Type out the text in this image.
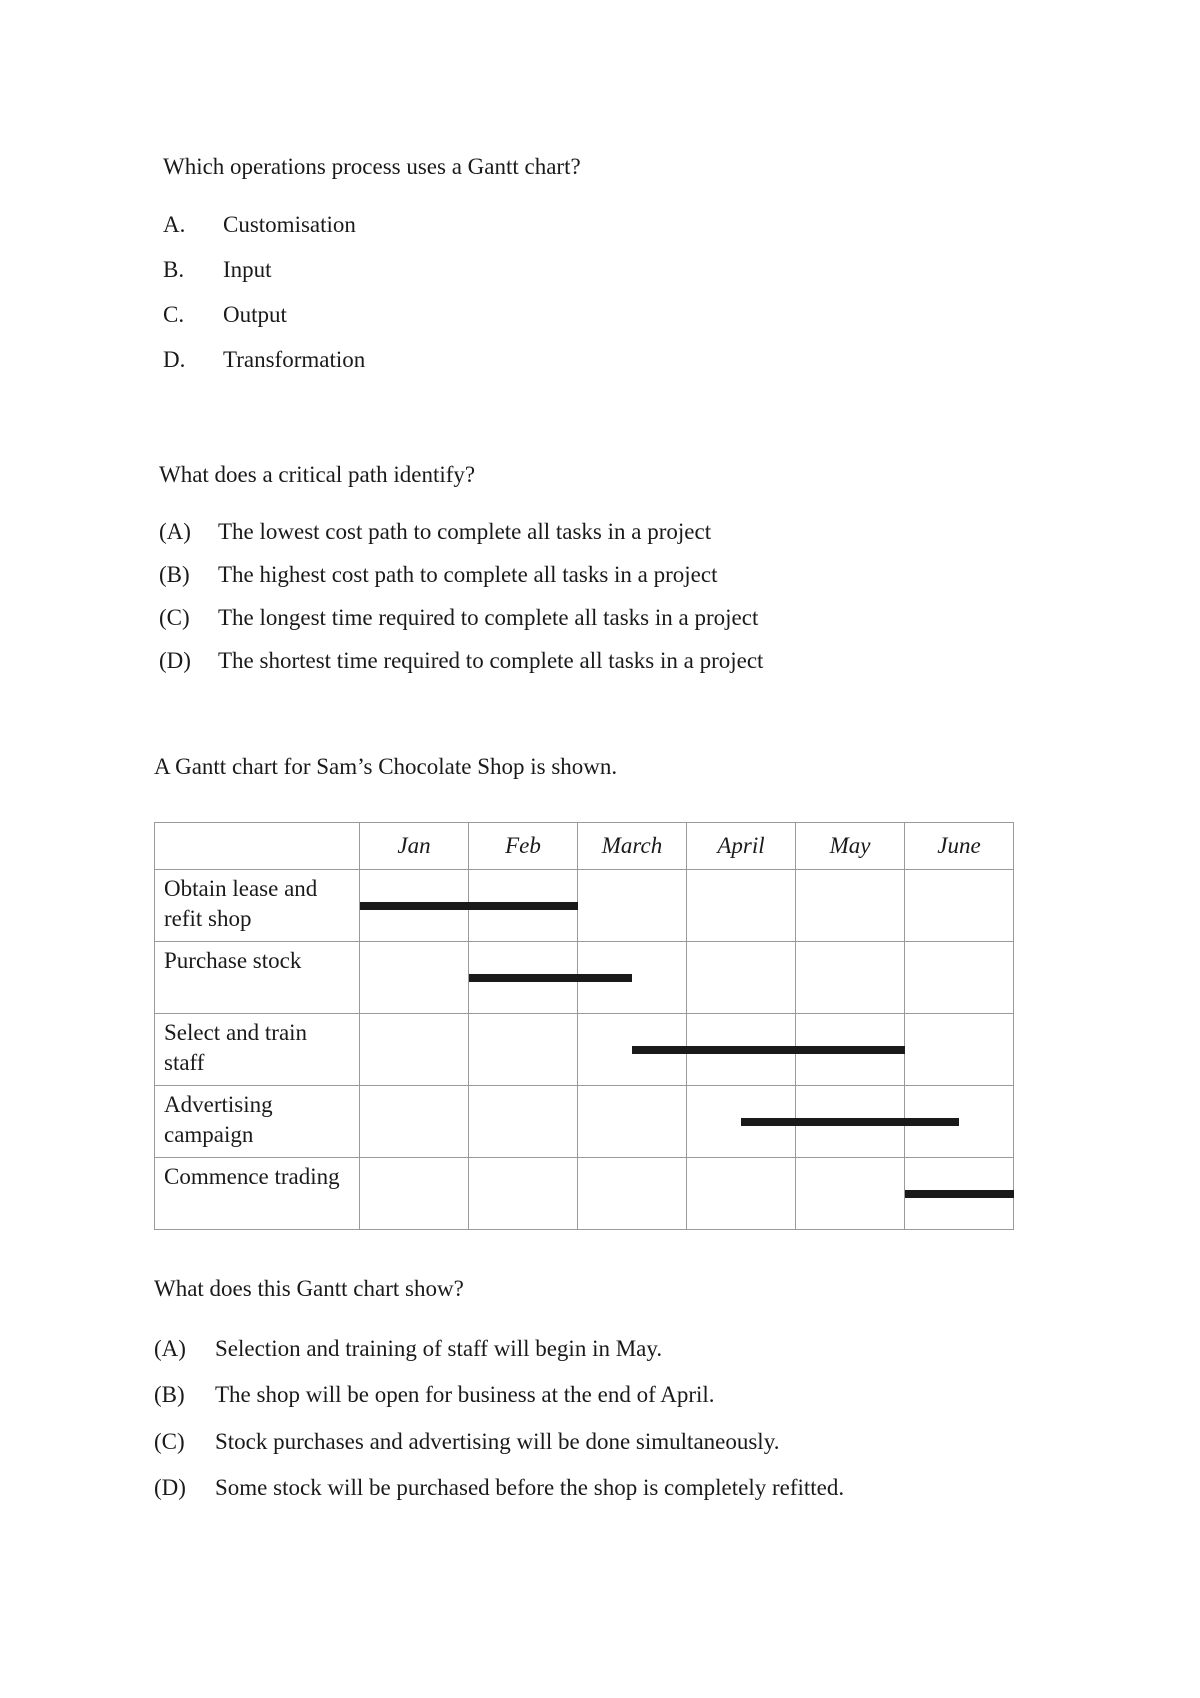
Which operations process uses a Gantt chart?
A. Customisation
B. Input
C. Output
D. Transformation
What does a critical path identify?
(A) The lowest cost path to complete all tasks in a project
(B) The highest cost path to complete all tasks in a project
(C) The longest time required to complete all tasks in a project
(D) The shortest time required to complete all tasks in a project
A Gantt chart for Sam’s Chocolate Shop is shown.
	Jan	Feb	March	April	May	June
Obtain lease and refit shop						
Purchase stock						
Select and train staff						
Advertising campaign						
Commence trading						
What does this Gantt chart show?
(A) Selection and training of staff will begin in May.
(B) The shop will be open for business at the end of April.
(C) Stock purchases and advertising will be done simultaneously.
(D) Some stock will be purchased before the shop is completely refitted.
